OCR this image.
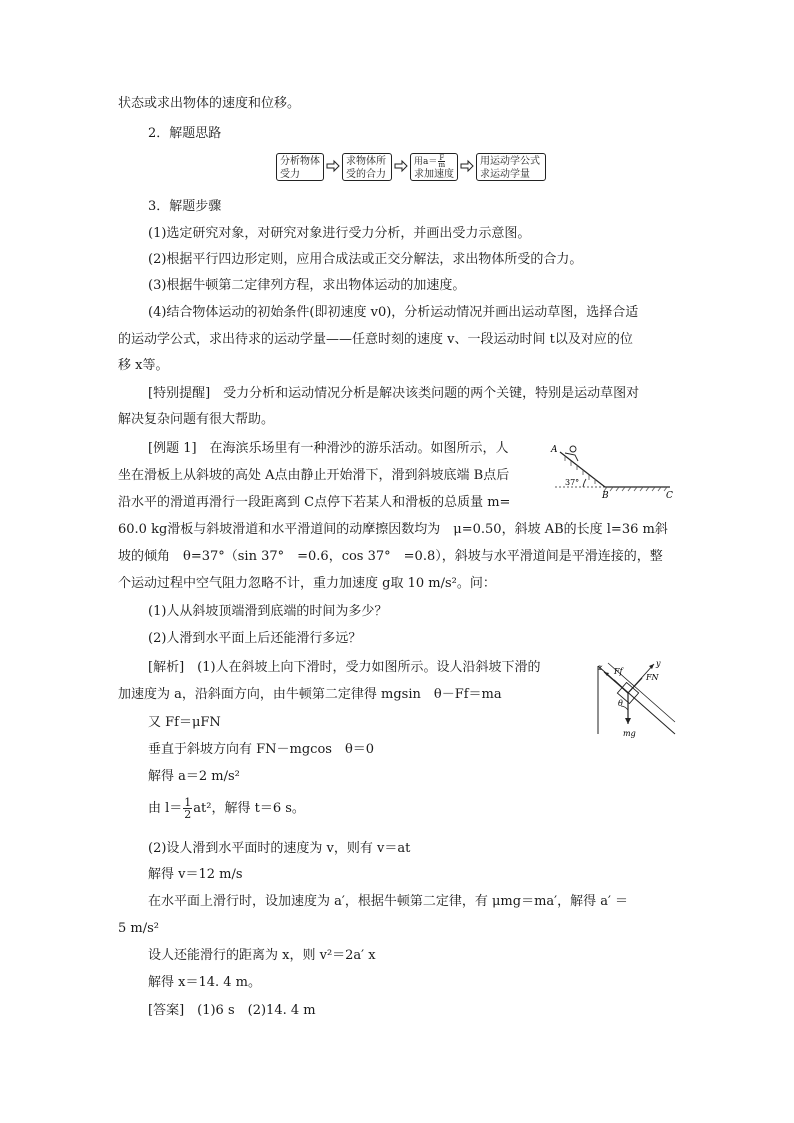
状态或求出物体的速度和位移。
2．解题思路
分析物体
受力
求物体所
受的合力
用$a= \frac{F}{m}$
求加速度
用运动学公式
求运动学量
3．解题步骤
(1)选定研究对象，对研究对象进行受力分析，并画出受力示意图。
(2)根据平行四边形定则，应用合成法或正交分解法，求出物体所受的合力。
(3)根据牛顿第二定律列方程，求出物体运动的加速度。
(4)结合物体运动的初始条件(即初速度 v0)，分析运动情况并画出运动草图，选择合适
的运动学公式，求出待求的运动学量——任意时刻的速度 v、一段运动时间 t以及对应的位
移 x等。
[特别提醒]　受力分析和运动情况分析是解决该类问题的两个关键，特别是运动草图对
解决复杂问题有很大帮助。
[例题 1]　在海滨乐场里有一种滑沙的游乐活动。如图所示，人
坐在滑板上从斜坡的高处 A点由静止开始滑下，滑到斜坡底端 B点后
沿水平的滑道再滑行一段距离到 C点停下若某人和滑板的总质量 m=
A
B	C
37°
60.0 kg滑板与斜坡滑道和水平滑道间的动摩擦因数均为　μ=0.50，斜坡 AB的长度 l=36 m斜
坡的倾角　θ=37°（sin 37°　=0.6，cos 37°　=0.8），斜坡与水平滑道间是平滑连接的，整
个运动过程中空气阻力忽略不计，重力加速度 g取 10 m/s²。问：
(1)人从斜坡顶端滑到底端的时间为多少？
(2)人滑到水平面上后还能滑行多远？
[解析]　(1)人在斜坡上向下滑时，受力如图所示。设人沿斜坡下滑的
加速度为 a，沿斜面方向，由牛顿第二定律得 mgsin　θ－Ff＝ma
z	y
Ff
FN
θ
mg
又 Ff＝μFN
垂直于斜坡方向有 FN－mgcos　θ＝0
解得 a＝2 m/s²
由 $l= \frac{1}{2} at^2$，解得 t＝6 s。
(2)设人滑到水平面时的速度为 v，则有 v＝at
解得 v＝12 m/s
在水平面上滑行时，设加速度为 a′，根据牛顿第二定律，有 μmg＝ma′，解得 a′ ＝
5 m/s²
设人还能滑行的距离为 x，则 v²＝2a′ x
解得 x＝14. 4 m。
[答案]　(1)6 s　(2)14. 4 m
